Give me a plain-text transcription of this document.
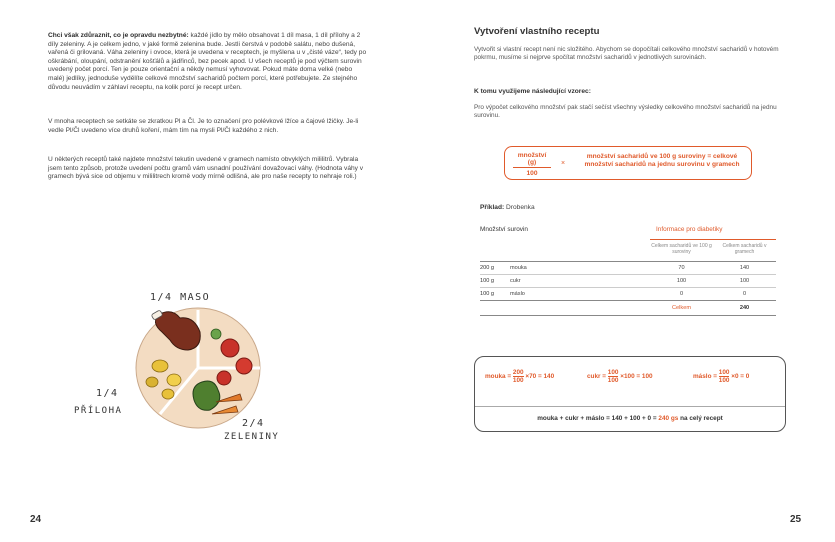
Chci však zdůraznit, co je opravdu nezbytné: každé jídlo by mělo obsahovat 1 díl masa, 1 díl přílohy a 2 díly zeleniny. A je celkem jedno, v jaké formě zelenina bude. Jestli čerstvá v podobě salátu, nebo dušená, vařená či grilovaná. Váha zeleniny i ovoce, která je uvedena v receptech, je myšlena u v „čisté váze“, tedy po oškrábání, oloupání, odstranění košťálů a jádřinců, bez pecek apod. U všech receptů je pod výčtem surovin uvedený počet porcí. Ten je pouze orientační a někdy nemusí vyhovovat. Pokud máte doma velké (nebo malé) jedlíky, jednoduše vydělíte celkové množství sacharidů počtem porcí, které potřebujete. Ze stejného důvodu neuvádím v záhlaví receptu, na kolik porcí je recept určen.

V mnoha receptech se setkáte se zkratkou Pl a Čl. Je to označení pro polévkové lžíce a čajové lžičky. Je-li vedle Pl/Čl uvedeno více druhů koření, mám tím na mysli Pl/Čl každého z nich.

U některých receptů také najdete množství tekutin uvedené v gramech namísto obvyklých mililitrů. Vybrala jsem tento způsob, protože uvedení počtu gramů vám usnadní používání dovažovací váhy. (Hodnota váhy v gramech bývá sice od objemu v mililitrech kromě vody mírně odlišná, ale pro naše recepty to nehraje roli.)

1/4 MASO
1/4
PŘÍLOHA
2/4
ZELENINY
24
Vytvoření vlastního receptu

Vytvořit si vlastní recept není nic složitého. Abychom se dopočítali celkového množství sacharidů v hotovém pokrmu, musíme si nejprve spočítat množství sacharidů v jednotlivých surovinách.

K tomu využijeme následující vzorec:

Pro výpočet celkového množství pak stačí sečíst všechny výsledky celkového množství sacharidů na jednu surovinu.

množství (g)
100
×
množství sacharidů ve 100 g suroviny = celkové
množství sacharidů na jednu surovinu v gramech
Příklad: Drobenka
Množství surovin		Informace pro diabetiky	
		Celkem sacharidů ve 100 g suroviny	Celkem sacharidů v gramech
200 g	mouka	70	140
100 g	cukr	100	100
100 g	máslo	0	0
		Celkem	240
mouka = $\frac{200}{100} \times 70 = 140$	cukr = $\frac{100}{100} \times 100 = 100$	máslo = $\frac{100}{100} \times 0 = 0$
mouka + cukr + máslo = 140 + 100 + 0 = 240 gs na celý recept
25
